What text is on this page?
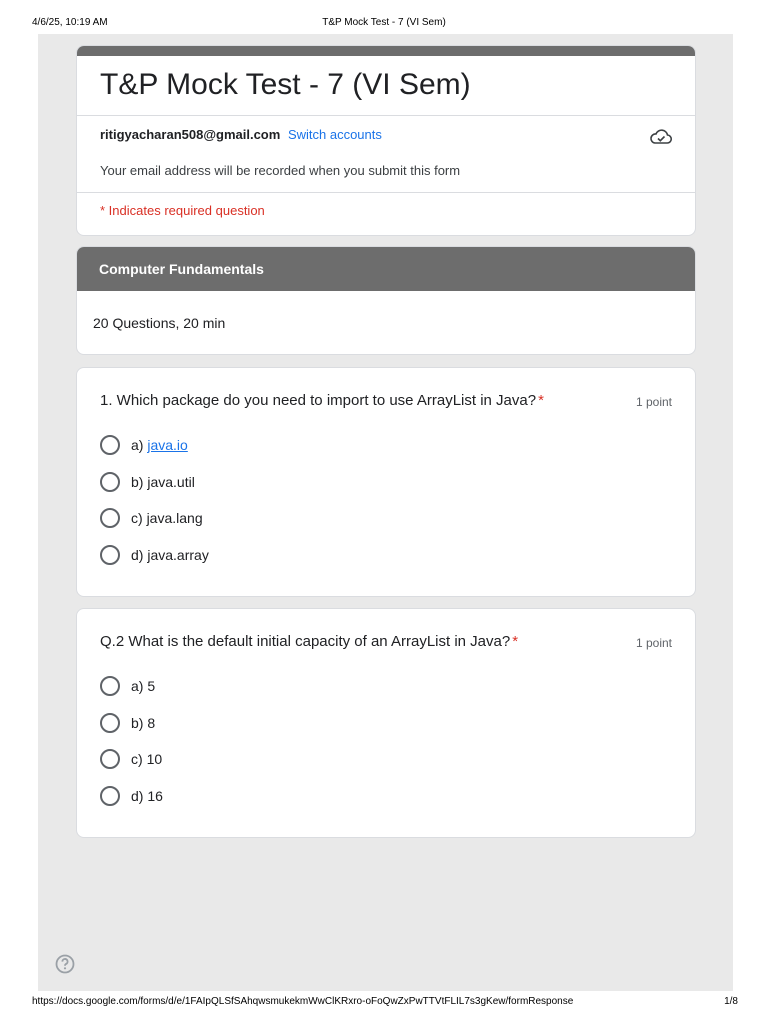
4/6/25, 10:19 AM	T&P Mock Test - 7 (VI Sem)
T&P Mock Test - 7 (VI Sem)
ritigyacharan508@gmail.com Switch accounts
Your email address will be recorded when you submit this form
* Indicates required question
Computer Fundamentals
20 Questions, 20 min
1. Which package do you need to import to use ArrayList in Java? *	1 point
a) java.io
b) java.util
c) java.lang
d) java.array
Q.2 What is the default initial capacity of an ArrayList in Java? *	1 point
a) 5
b) 8
c) 10
d) 16
https://docs.google.com/forms/d/e/1FAIpQLSfSAhqwsmukekmWwClKRxro-oFoQwZxPwTTVtFLIL7s3gKew/formResponse	1/8
